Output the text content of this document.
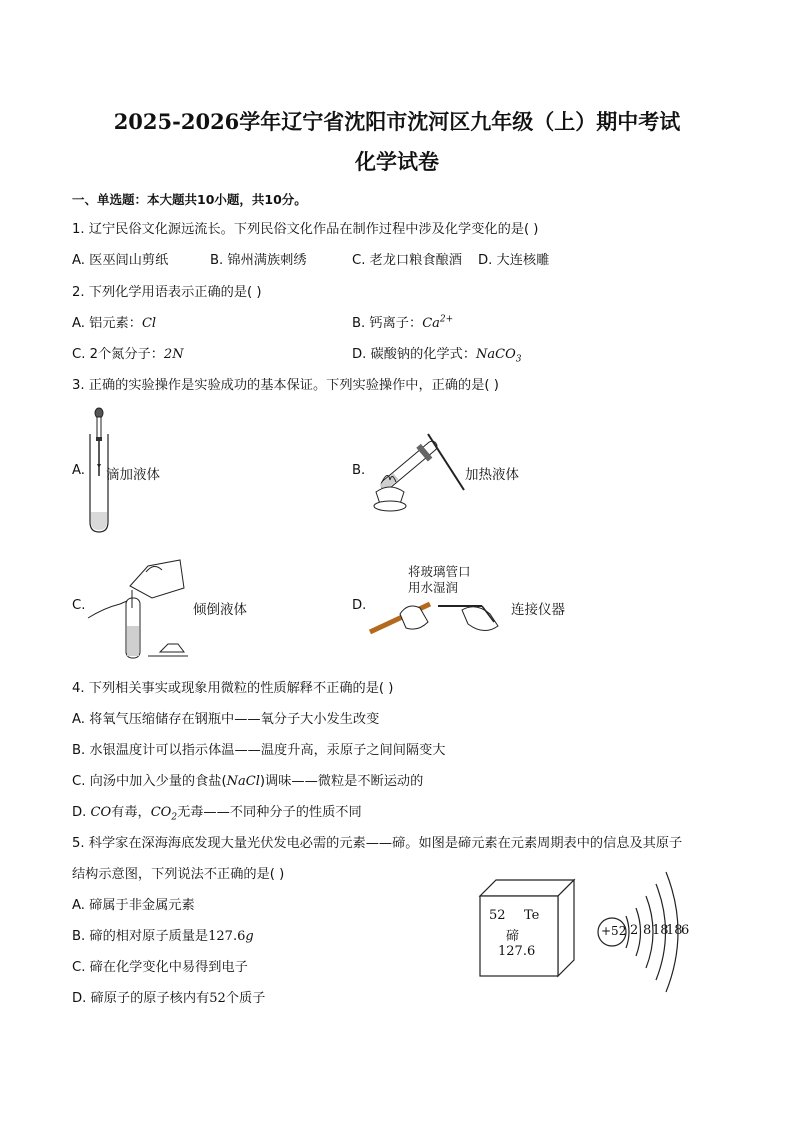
2025-2026学年辽宁省沈阳市沈河区九年级（上）期中考试
化学试卷
一、单选题：本大题共10小题，共10分。
1. 辽宁民俗文化源远流长。下列民俗文化作品在制作过程中涉及化学变化的是( )
A. 医巫闾山剪纸	B. 锦州满族刺绣	C. 老龙口粮食酿酒 D. 大连核雕
2. 下列化学用语表示正确的是( )
A. 铝元素：Cl	B. 钙离子：$Ca^{2+}$
C. 2个氮分子：2N	D. 碳酸钠的化学式：NaCO$_3$
3. 正确的实验操作是实验成功的基本保证。下列实验操作中，正确的是( )
A. 滴加液体	B.	加热液体
C.	倾倒液体	D.
将玻璃管口
用水湿润
连接仪器
4. 下列相关事实或现象用微粒的性质解释不正确的是( )
A. 将氧气压缩储存在钢瓶中——氧分子大小发生改变
B. 水银温度计可以指示体温——温度升高，汞原子之间间隔变大
C. 向汤中加入少量的食盐(NaCl)调味——微粒是不断运动的
D. CO有毒，$CO_2$无毒——不同种分子的性质不同
5. 科学家在深海海底发现大量光伏发电必需的元素——碲。如图是碲元素在元素周期表中的信息及其原子
结构示意图，下列说法不正确的是( )
A. 碲属于非金属元素
B. 碲的相对原子质量是127.6g
C. 碲在化学变化中易得到电子
D. 碲原子的原子核内有52个质子
52 Te
碲
127.6
+52 2 8 18
18
6
